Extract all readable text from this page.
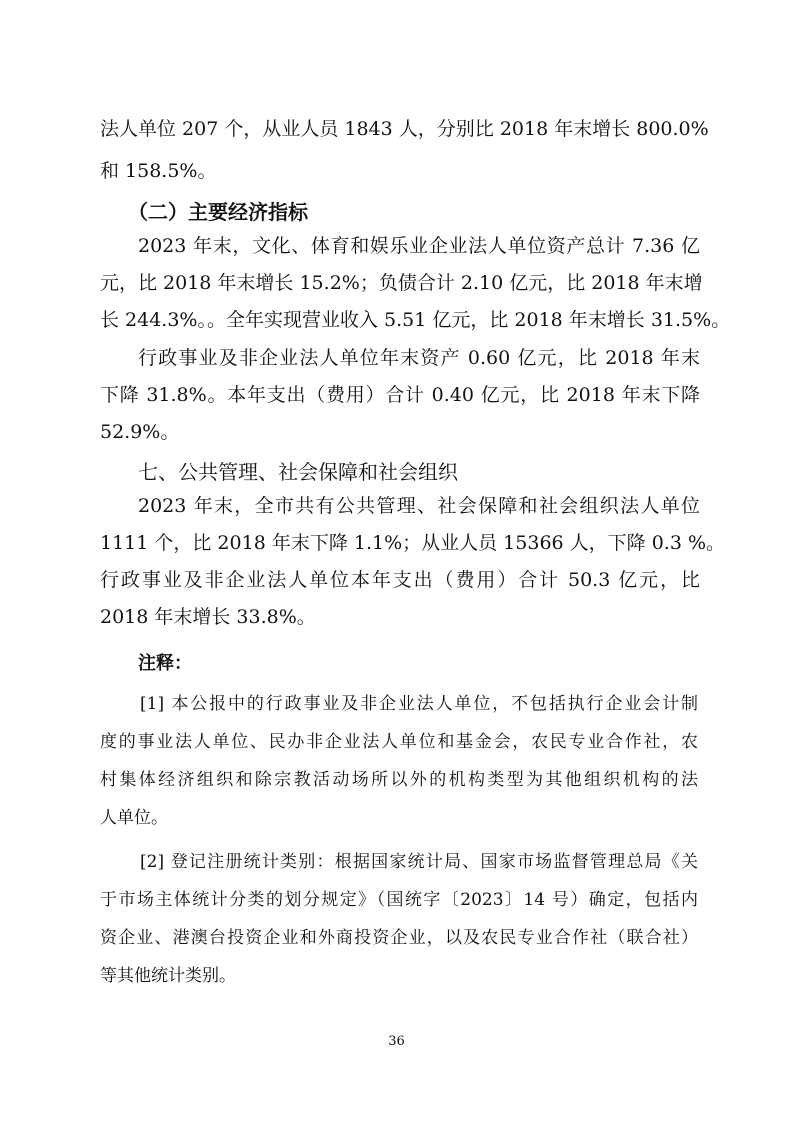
法人单位 207 个，从业人员 1843 人，分别比 2018 年末增长 800.0%
和 158.5%。
（二）主要经济指标
2023 年末，文化、体育和娱乐业企业法人单位资产总计 7.36 亿
元，比 2018 年末增长 15.2%；负债合计 2.10 亿元，比 2018 年末增
长 244.3%。。全年实现营业收入 5.51 亿元，比 2018 年末增长 31.5%。
行政事业及非企业法人单位年末资产 0.60 亿元，比 2018 年末
下降 31.8%。本年支出（费用）合计 0.40 亿元，比 2018 年末下降
52.9%。
七、公共管理、社会保障和社会组织
2023 年末，全市共有公共管理、社会保障和社会组织法人单位
1111 个，比 2018 年末下降 1.1%；从业人员 15366 人，下降 0.3 %。
行政事业及非企业法人单位本年支出（费用）合计 50.3 亿元，比
2018 年末增长 33.8%。
注释：
[1] 本公报中的行政事业及非企业法人单位，不包括执行企业会计制
度的事业法人单位、民办非企业法人单位和基金会，农民专业合作社，农
村集体经济组织和除宗教活动场所以外的机构类型为其他组织机构的法
人单位。
[2] 登记注册统计类别：根据国家统计局、国家市场监督管理总局《关
于市场主体统计分类的划分规定》（国统字〔2023〕14 号）确定，包括内
资企业、港澳台投资企业和外商投资企业，以及农民专业合作社（联合社）
等其他统计类别。
36
